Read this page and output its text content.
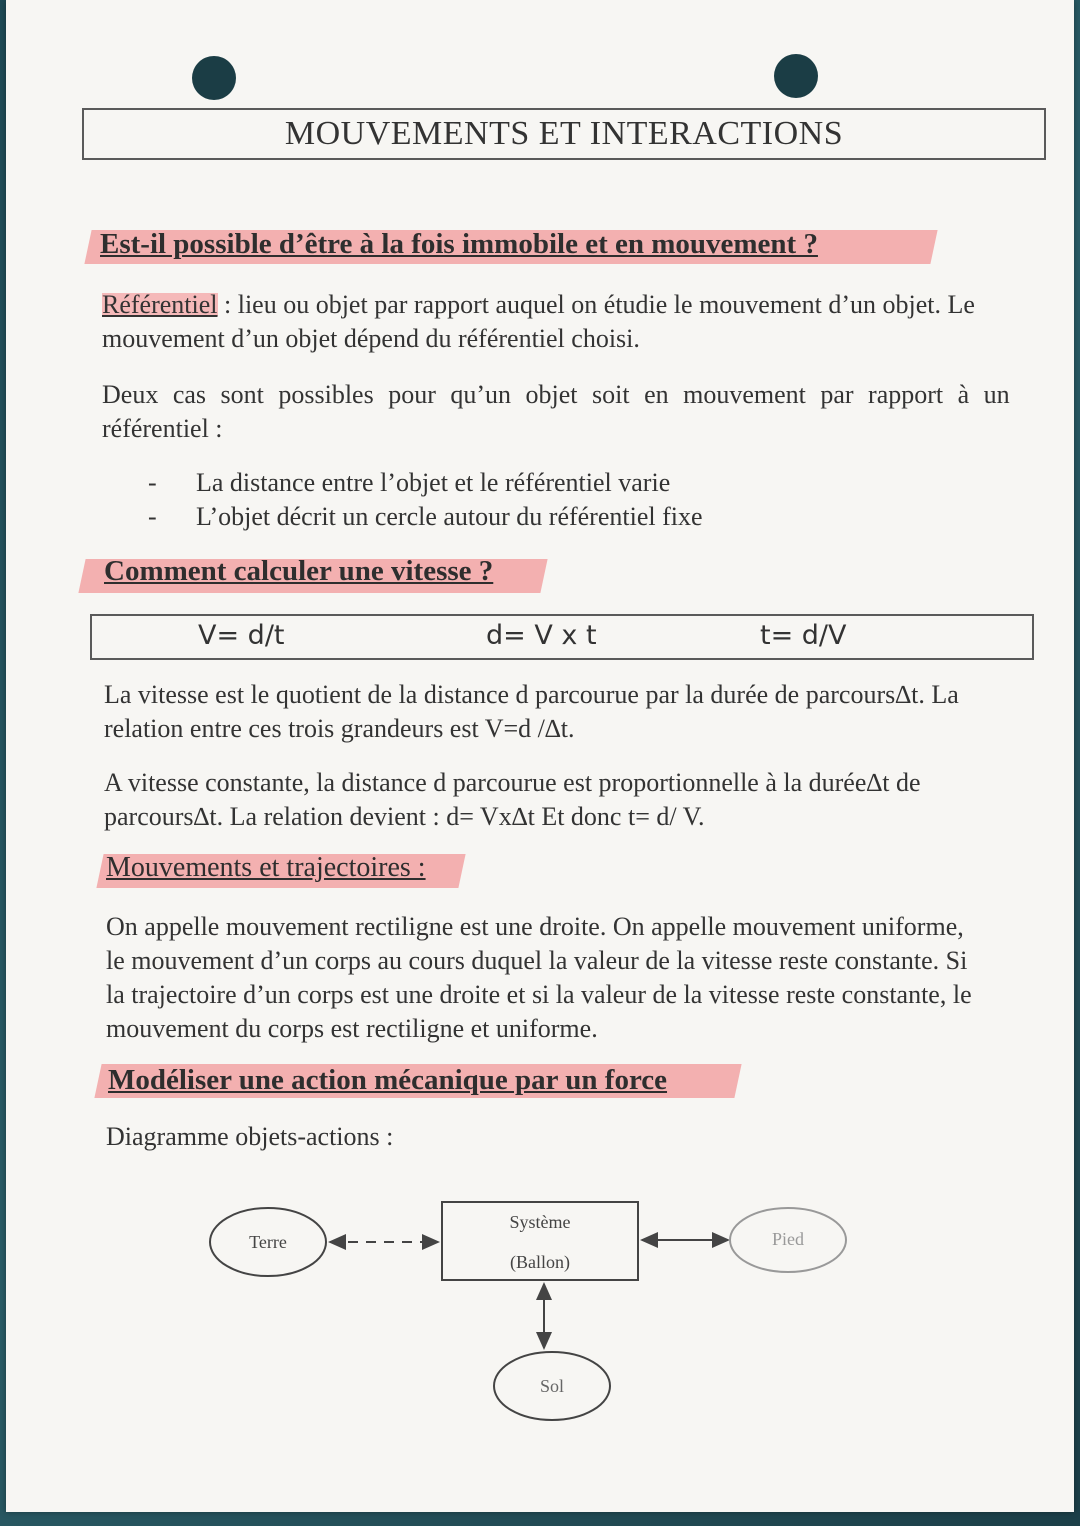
MOUVEMENTS ET INTERACTIONS
Est-il possible d’être à la fois immobile et en mouvement ?
Référentiel : lieu ou objet par rapport auquel on étudie le mouvement d’un objet. Le
mouvement d’un objet dépend du référentiel choisi.
Deux cas sont possibles pour qu’un objet soit en mouvement par rapport à un
référentiel :
- La distance entre l’objet et le référentiel varie
- L’objet décrit un cercle autour du référentiel fixe
Comment calculer une vitesse ?
V= d/t	d= V x t	t= d/V
La vitesse est le quotient de la distance d parcourue par la durée de parcours∆t. La
relation entre ces trois grandeurs est V=d /∆t.
A vitesse constante, la distance d parcourue est proportionnelle à la durée∆t de
parcours∆t. La relation devient : d= Vx∆t Et donc t= d/ V.
Mouvements et trajectoires :
On appelle mouvement rectiligne est une droite. On appelle mouvement uniforme,
le mouvement d’un corps au cours duquel la valeur de la vitesse reste constante. Si
la trajectoire d’un corps est une droite et si la valeur de la vitesse reste constante, le
mouvement du corps est rectiligne et uniforme.
Modéliser une action mécanique par un force
Diagramme objets-actions :
Terre
Système
(Ballon)
Pied
Sol
